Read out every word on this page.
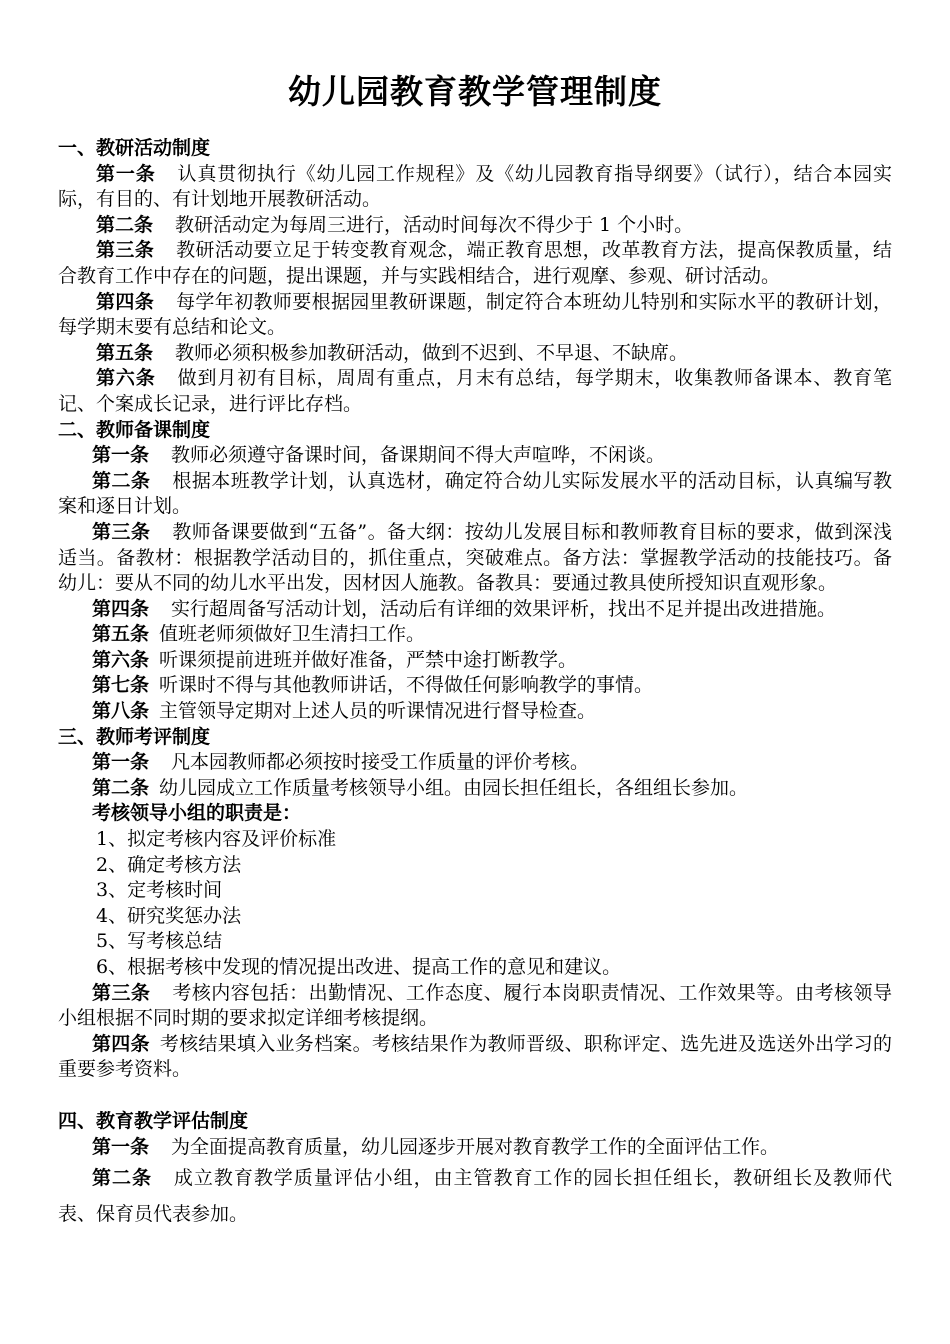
幼儿园教育教学管理制度
一、教研活动制度
第一条 认真贯彻执行《幼儿园工作规程》及《幼儿园教育指导纲要》（试行），结合本园实际，有目的、有计划地开展教研活动。
第二条 教研活动定为每周三进行，活动时间每次不得少于 1 个小时。
第三条 教研活动要立足于转变教育观念，端正教育思想，改革教育方法，提高保教质量，结合教育工作中存在的问题，提出课题，并与实践相结合，进行观摩、参观、研讨活动。
第四条 每学年初教师要根据园里教研课题，制定符合本班幼儿特别和实际水平的教研计划，每学期末要有总结和论文。
第五条 教师必须积极参加教研活动，做到不迟到、不早退、不缺席。
第六条 做到月初有目标，周周有重点，月末有总结，每学期末，收集教师备课本、教育笔记、个案成长记录，进行评比存档。
二、教师备课制度
第一条 教师必须遵守备课时间，备课期间不得大声喧哗，不闲谈。
第二条 根据本班教学计划，认真选材，确定符合幼儿实际发展水平的活动目标，认真编写教案和逐日计划。
第三条 教师备课要做到“五备”。备大纲：按幼儿发展目标和教师教育目标的要求，做到深浅适当。备教材：根据教学活动目的，抓住重点，突破难点。备方法：掌握教学活动的技能技巧。备幼儿：要从不同的幼儿水平出发，因材因人施教。备教具：要通过教具使所授知识直观形象。
第四条 实行超周备写活动计划，活动后有详细的效果评析，找出不足并提出改进措施。
第五条 值班老师须做好卫生清扫工作。
第六条 听课须提前进班并做好准备，严禁中途打断教学。
第七条 听课时不得与其他教师讲话，不得做任何影响教学的事情。
第八条 主管领导定期对上述人员的听课情况进行督导检查。
三、教师考评制度
第一条 凡本园教师都必须按时接受工作质量的评价考核。
第二条 幼儿园成立工作质量考核领导小组。由园长担任组长，各组组长参加。
考核领导小组的职责是：
1、拟定考核内容及评价标准
2、确定考核方法
3、定考核时间
4、研究奖惩办法
5、写考核总结
6、根据考核中发现的情况提出改进、提高工作的意见和建议。
第三条 考核内容包括：出勤情况、工作态度、履行本岗职责情况、工作效果等。由考核领导小组根据不同时期的要求拟定详细考核提纲。
第四条 考核结果填入业务档案。考核结果作为教师晋级、职称评定、选先进及选送外出学习的重要参考资料。
四、教育教学评估制度
第一条 为全面提高教育质量，幼儿园逐步开展对教育教学工作的全面评估工作。
第二条 成立教育教学质量评估小组，由主管教育工作的园长担任组长，教研组长及教师代表、保育员代表参加。
